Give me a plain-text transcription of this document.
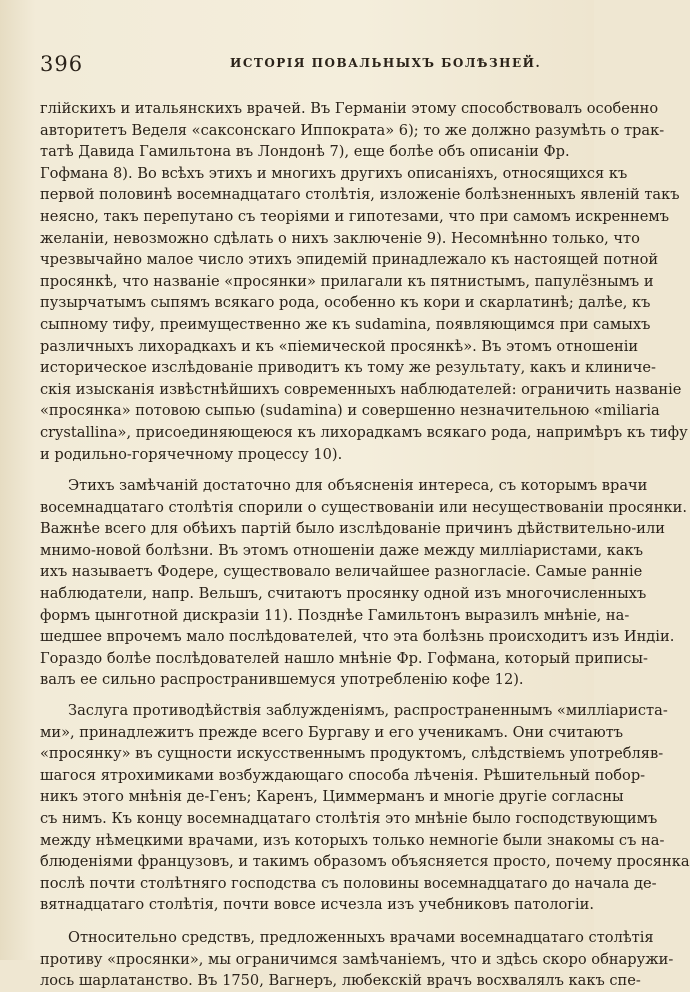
396	ИСТОРІЯ ПОВАЛЬНЫХЪ БОЛѢЗНЕЙ.
глійскихъ и итальянскихъ врачей. Въ Германіи этому способствовалъ особенно
авторитетъ Веделя «саксонскаго Иппократа» 6); то же должно разумѣть о трак-
татѣ Давида Гамильтона въ Лондонѣ 7), еще болѣе объ описаніи Фр.
Гофмана 8). Во всѣхъ этихъ и многихъ другихъ описаніяхъ, относящихся къ
первой половинѣ восемнадцатаго столѣтія, изложеніе болѣзненныхъ явленій такъ
неясно, такъ перепутано съ теоріями и гипотезами, что при самомъ искреннемъ
желаніи, невозможно сдѣлать о нихъ заключеніе 9). Несомнѣнно только, что
чрезвычайно малое число этихъ эпидемій принадлежало къ настоящей потной
просянкѣ, что названіе «просянки» прилагали къ пятнистымъ, папулёзнымъ и
пузырчатымъ сыпямъ всякаго рода, особенно къ кори и скарлатинѣ; далѣе, къ
сыпному тифу, преимущественно же къ sudamina, появляющимся при самыхъ
различныхъ лихорадкахъ и къ «піемической просянкѣ». Въ этомъ отношеніи
историческое изслѣдованіе приводитъ къ тому же результату, какъ и клиниче-
скія изысканія извѣстнѣйшихъ современныхъ наблюдателей: ограничить названіе
«просянка» потовою сыпью (sudamina) и совершенно незначительною «miliaria
crystallina», присоединяющеюся къ лихорадкамъ всякаго рода, напримѣръ къ тифу
и родильно-горячечному процессу 10).
Этихъ замѣчаній достаточно для объясненія интереса, съ которымъ врачи
восемнадцатаго столѣтія спорили о существованіи или несуществованіи просянки.
Важнѣе всего для обѣихъ партій было изслѣдованіе причинъ дѣйствительно-или
мнимо-новой болѣзни. Въ этомъ отношеніи даже между милліаристами, какъ
ихъ называетъ Фодере, существовало величайшее разногласіе. Самые ранніе
наблюдатели, напр. Вельшъ, считаютъ просянку одной изъ многочисленныхъ
формъ цынготной дискразіи 11). Позднѣе Гамильтонъ выразилъ мнѣніе, на-
шедшее впрочемъ мало послѣдователей, что эта болѣзнь происходитъ изъ Индіи.
Гораздо болѣе послѣдователей нашло мнѣніе Фр. Гофмана, который приписы-
валъ ее сильно распространившемуся употребленію кофе 12).
Заслуга противодѣйствія заблужденіямъ, распространеннымъ «милліариста-
ми», принадлежитъ прежде всего Бургаву и его ученикамъ. Они считаютъ
«просянку» въ сущности искусственнымъ продуктомъ, слѣдствіемъ употребляв-
шагося ятрохимиками возбуждающаго способа лѣченія. Рѣшительный побор-
никъ этого мнѣнія де-Генъ; Каренъ, Циммерманъ и многіе другіе согласны
съ нимъ. Къ концу восемнадцатаго столѣтія это мнѣніе было господствующимъ
между нѣмецкими врачами, изъ которыхъ только немногіе были знакомы съ на-
блюденіями французовъ, и такимъ образомъ объясняется просто, почему просянка
послѣ почти столѣтняго господства съ половины восемнадцатаго до начала де-
вятнадцатаго столѣтія, почти вовсе исчезла изъ учебниковъ патологіи.
Относительно средствъ, предложенныхъ врачами восемнадцатаго столѣтія
противу «просянки», мы ограничимся замѣчаніемъ, что и здѣсь скоро обнаружи-
лось шарлатанство. Въ 1750, Вагнеръ, любекскій врачъ восхвалялъ какъ спе-
